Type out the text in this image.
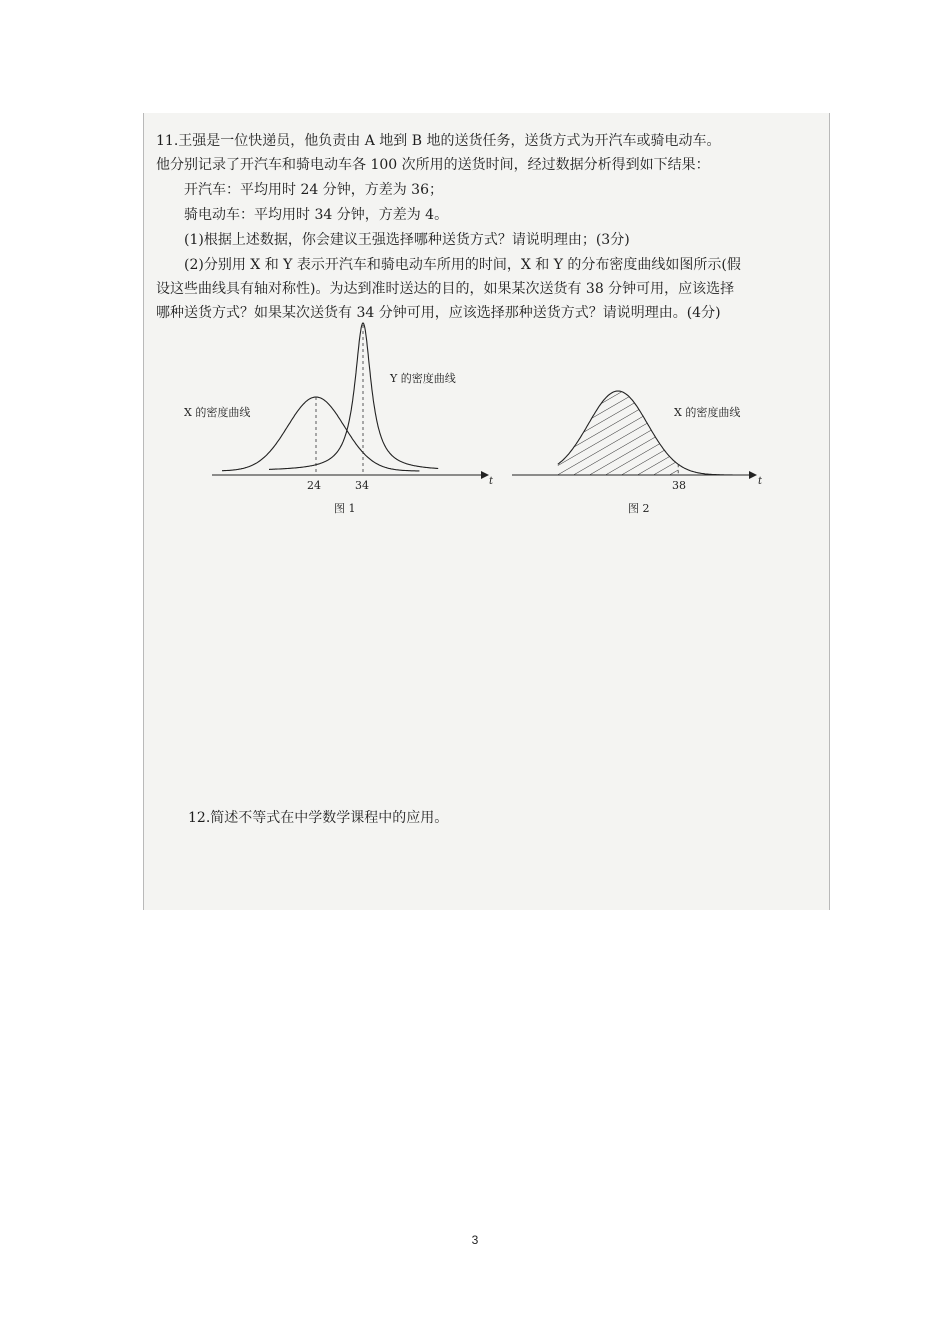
11.王强是一位快递员，他负责由 A 地到 B 地的送货任务，送货方式为开汽车或骑电动车。
他分别记录了开汽车和骑电动车各 100 次所用的送货时间，经过数据分析得到如下结果：
开汽车：平均用时 24 分钟，方差为 36；
骑电动车：平均用时 34 分钟，方差为 4。
(1)根据上述数据，你会建议王强选择哪种送货方式？请说明理由；(3分)
(2)分别用 X 和 Y 表示开汽车和骑电动车所用的时间，X 和 Y 的分布密度曲线如图所示(假
设这些曲线具有轴对称性)。为达到准时送达的目的，如果某次送货有 38 分钟可用，应该选择
哪种送货方式？如果某次送货有 34 分钟可用，应该选择那种送货方式？请说明理由。(4分)
t
24	34
X 的密度曲线
Y 的密度曲线
图 1
t
38
X 的密度曲线
图 2
12.简述不等式在中学数学课程中的应用。
3
